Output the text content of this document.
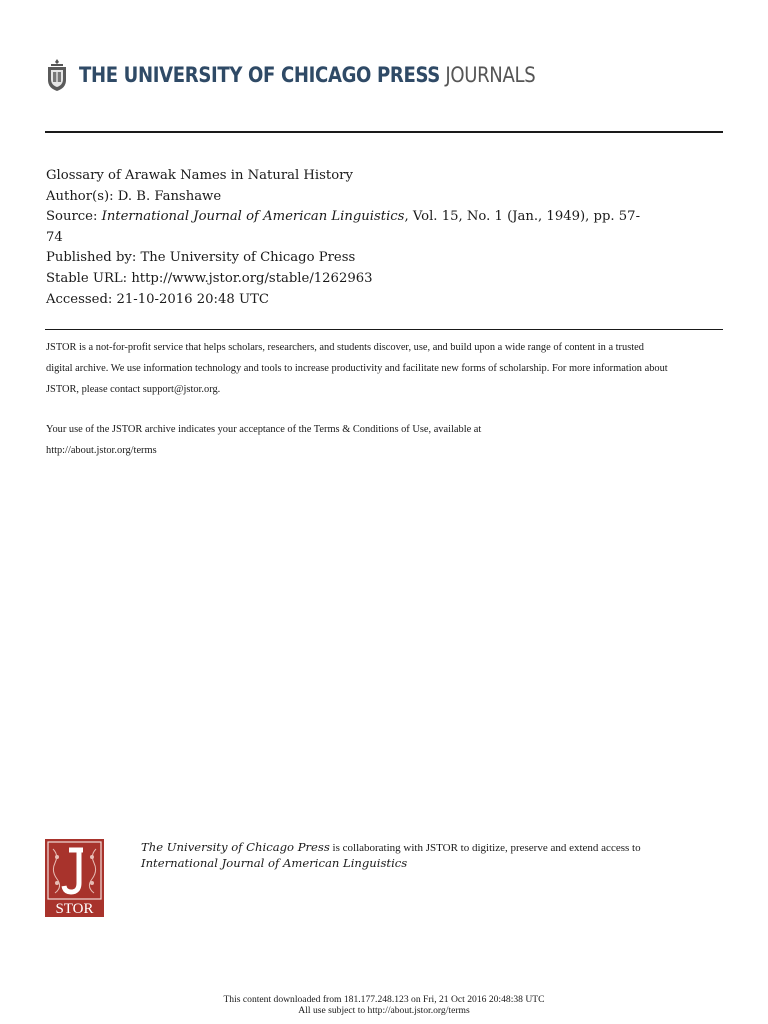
THE UNIVERSITY OF CHICAGO PRESS JOURNALS

Glossary of Arawak Names in Natural History

Author(s): D. B. Fanshawe

Source: International Journal of American Linguistics, Vol. 15, No. 1 (Jan., 1949), pp. 57-
74

Published by: The University of Chicago Press

Stable URL: http://www.jstor.org/stable/1262963

Accessed: 21-10-2016 20:48 UTC

JSTOR is a not-for-profit service that helps scholars, researchers, and students discover, use, and build upon a wide range of content in a trusted

digital archive. We use information technology and tools to increase productivity and facilitate new forms of scholarship. For more information about

JSTOR, please contact support@jstor.org.

Your use of the JSTOR archive indicates your acceptance of the Terms & Conditions of Use, available at

http://about.jstor.org/terms

STOR

The University of Chicago Press is collaborating with JSTOR to digitize, preserve and extend access to

International Journal of American Linguistics

This content downloaded from 181.177.248.123 on Fri, 21 Oct 2016 20:48:38 UTC

All use subject to http://about.jstor.org/terms
